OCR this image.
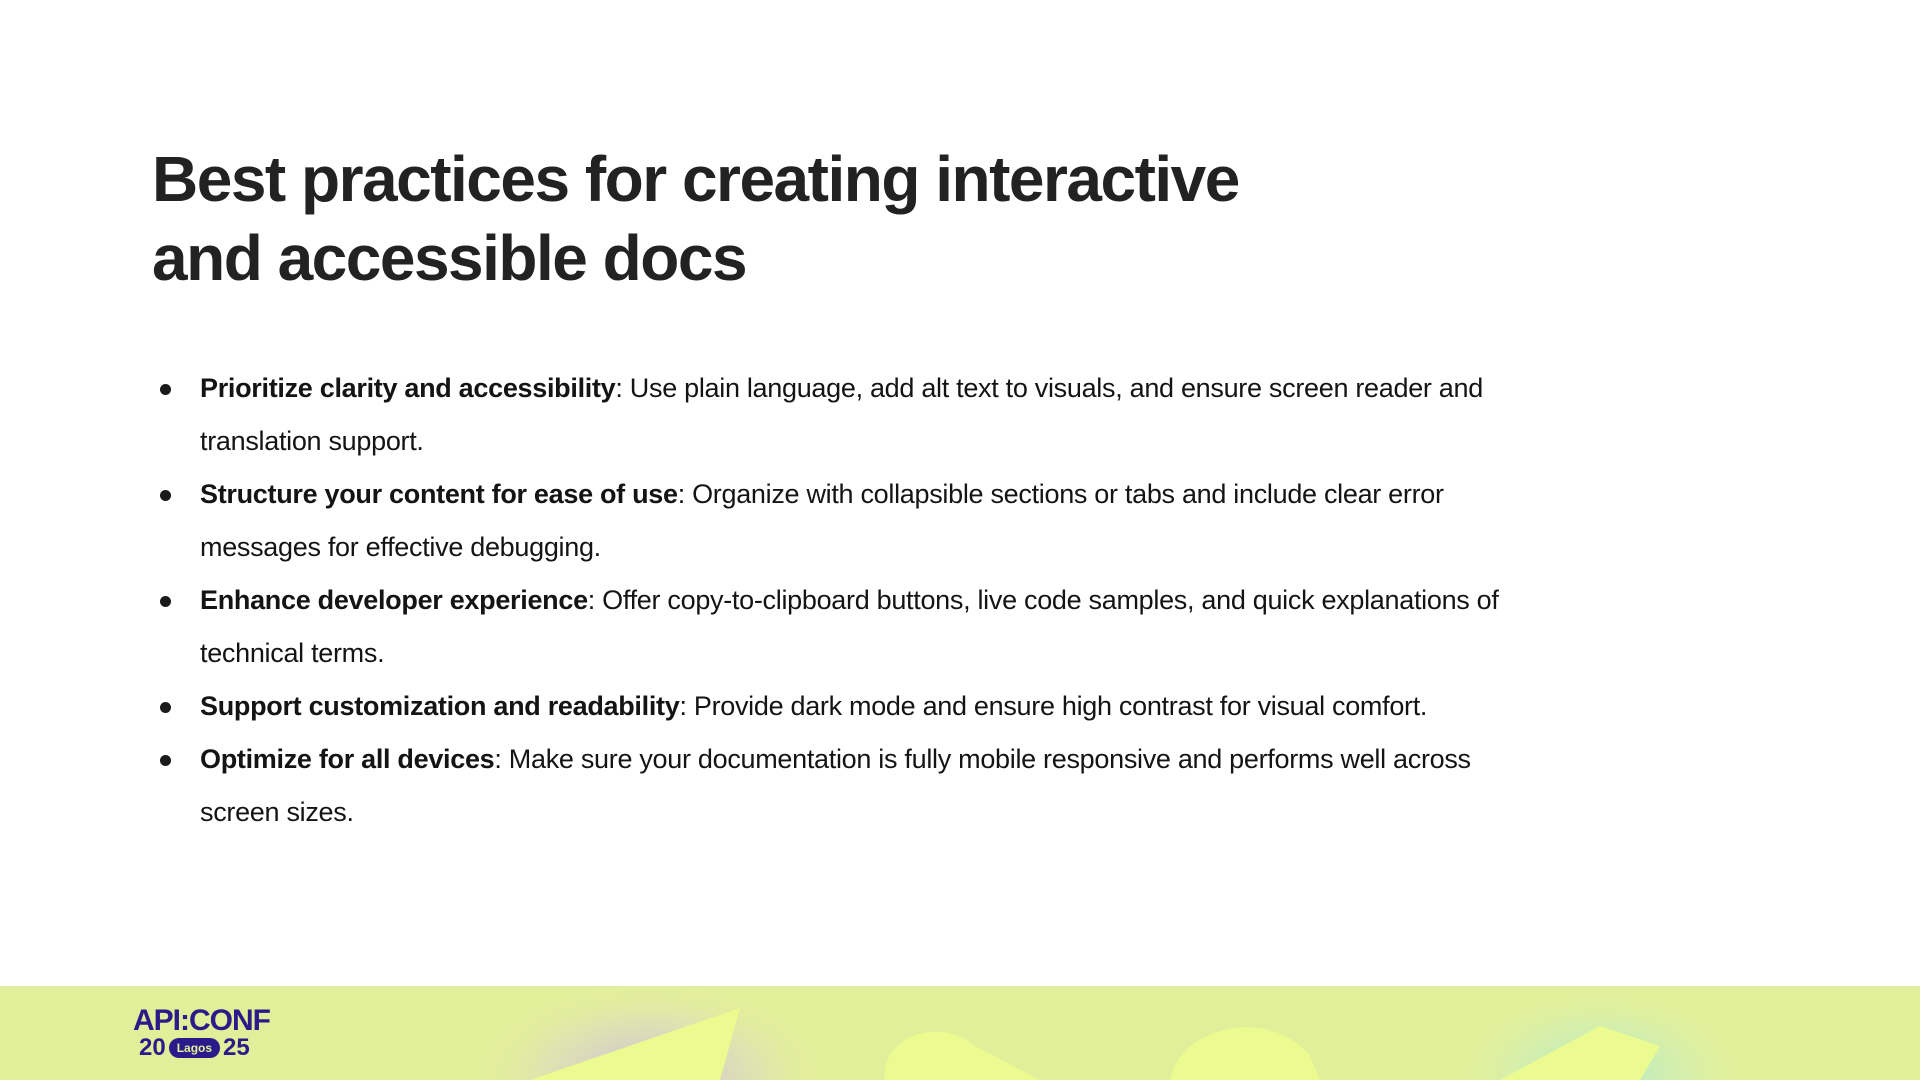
Best practices for creating interactive
and accessible docs
Prioritize clarity and accessibility: Use plain language, add alt text to visuals, and ensure screen reader and translation support.
Structure your content for ease of use: Organize with collapsible sections or tabs and include clear error messages for effective debugging.
Enhance developer experience: Offer copy-to-clipboard buttons, live code samples, and quick explanations of technical terms.
Support customization and readability: Provide dark mode and ensure high contrast for visual comfort.
Optimize for all devices: Make sure your documentation is fully mobile responsive and performs well across screen sizes.
API:CONF
20 Lagos 25
